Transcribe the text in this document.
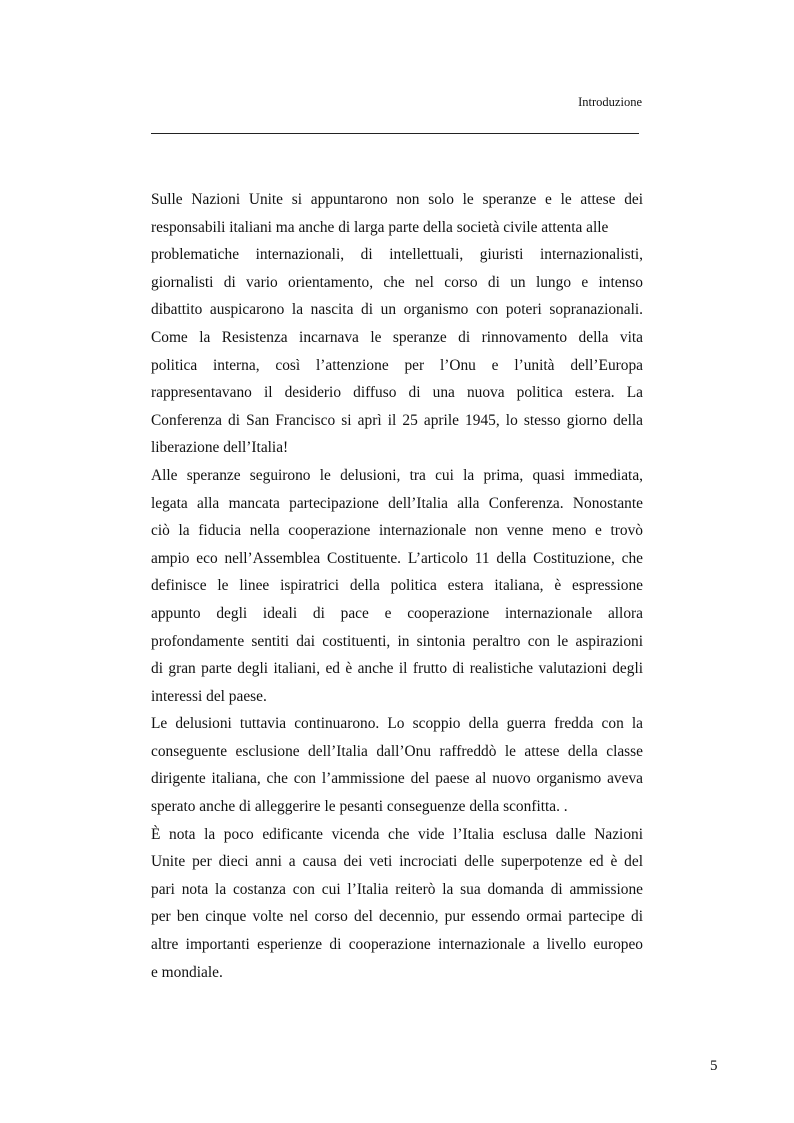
Introduzione
Sulle Nazioni Unite si appuntarono non solo le speranze e le attese dei
responsabili italiani ma anche di larga parte della società civile attenta alle
problematiche internazionali, di intellettuali, giuristi internazionalisti,
giornalisti di vario orientamento, che nel corso di un lungo e intenso
dibattito auspicarono la nascita di un organismo con poteri sopranazionali.
Come la Resistenza incarnava le speranze di rinnovamento della vita
politica interna, così l’attenzione per l’Onu e l’unità dell’Europa
rappresentavano il desiderio diffuso di una nuova politica estera. La
Conferenza di San Francisco si aprì il 25 aprile 1945, lo stesso giorno della
liberazione dell’Italia!
Alle speranze seguirono le delusioni, tra cui la prima, quasi immediata,
legata alla mancata partecipazione dell’Italia alla Conferenza. Nonostante
ciò la fiducia nella cooperazione internazionale non venne meno e trovò
ampio eco nell’Assemblea Costituente. L’articolo 11 della Costituzione, che
definisce le linee ispiratrici della politica estera italiana, è espressione
appunto degli ideali di pace e cooperazione internazionale allora
profondamente sentiti dai costituenti, in sintonia peraltro con le aspirazioni
di gran parte degli italiani, ed è anche il frutto di realistiche valutazioni degli
interessi del paese.
Le delusioni tuttavia continuarono. Lo scoppio della guerra fredda con la
conseguente esclusione dell’Italia dall’Onu raffreddò le attese della classe
dirigente italiana, che con l’ammissione del paese al nuovo organismo aveva
sperato anche di alleggerire le pesanti conseguenze della sconfitta. .
È nota la poco edificante vicenda che vide l’Italia esclusa dalle Nazioni
Unite per dieci anni a causa dei veti incrociati delle superpotenze ed è del
pari nota la costanza con cui l’Italia reiterò la sua domanda di ammissione
per ben cinque volte nel corso del decennio, pur essendo ormai partecipe di
altre importanti esperienze di cooperazione internazionale a livello europeo
e mondiale.

5
